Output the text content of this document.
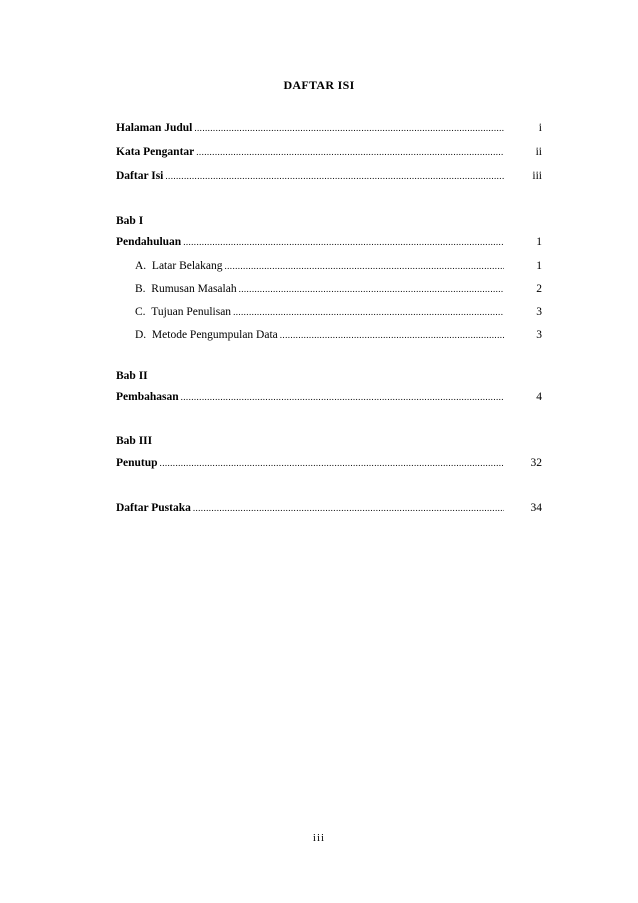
DAFTAR ISI
Halaman Judul .....	i
Kata Pengantar .....	ii
Daftar Isi .....	iii
Bab I
Pendahuluan .....	1
A.  Latar Belakang .....	1
B.  Rumusan Masalah .....	2
C.  Tujuan Penulisan .....	3
D.  Metode Pengumpulan Data .....	3
Bab II
Pembahasan .....	4
Bab III
Penutup .....	32
Daftar Pustaka .....	34
iii
